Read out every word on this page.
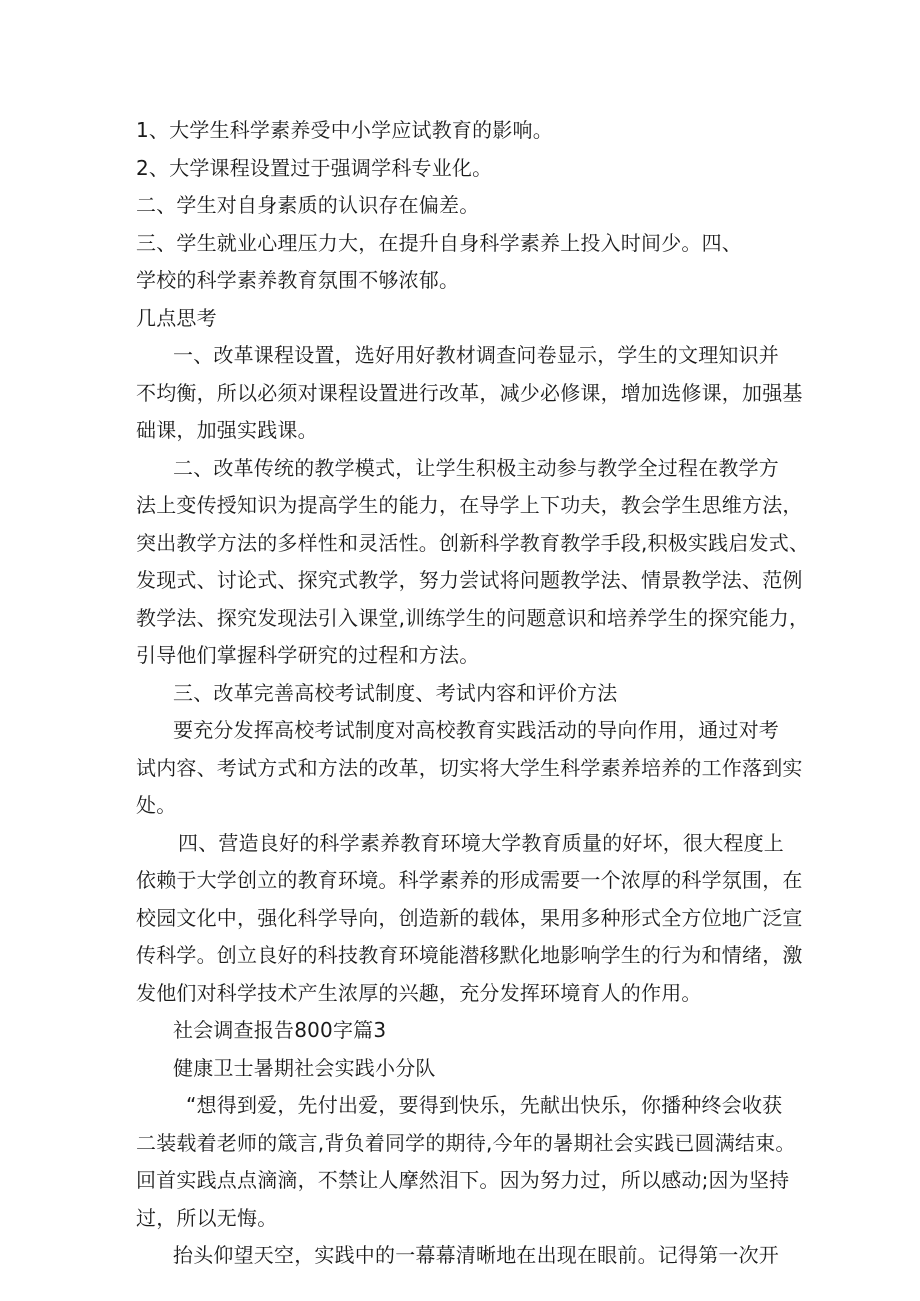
1、大学生科学素养受中小学应试教育的影响。

2、大学课程设置过于强调学科专业化。

二、学生对自身素质的认识存在偏差。

三、学生就业心理压力大，在提升自身科学素养上投入时间少。四、

学校的科学素养教育氛围不够浓郁。

几点思考

一、改革课程设置，选好用好教材调查问卷显示，学生的文理知识并

不均衡，所以必须对课程设置进行改革，减少必修课，增加选修课，加强基

础课，加强实践课。

二、改革传统的教学模式，让学生积极主动参与教学全过程在教学方

法上变传授知识为提高学生的能力，在导学上下功夫，教会学生思维方法，

突出教学方法的多样性和灵活性。创新科学教育教学手段,积极实践启发式、

发现式、讨论式、探究式教学，努力尝试将问题教学法、情景教学法、范例

教学法、探究发现法引入课堂,训练学生的问题意识和培养学生的探究能力，

引导他们掌握科学研究的过程和方法。

三、改革完善高校考试制度、考试内容和评价方法

要充分发挥高校考试制度对高校教育实践活动的导向作用，通过对考

试内容、考试方式和方法的改革，切实将大学生科学素养培养的工作落到实

处。

四、营造良好的科学素养教育环境大学教育质量的好坏，很大程度上

依赖于大学创立的教育环境。科学素养的形成需要一个浓厚的科学氛围，在

校园文化中，强化科学导向，创造新的载体，果用多种形式全方位地广泛宣

传科学。创立良好的科技教育环境能潜移默化地影响学生的行为和情绪，激

发他们对科学技术产生浓厚的兴趣，充分发挥环境育人的作用。

社会调查报告800字篇3

健康卫士暑期社会实践小分队

“想得到爱，先付出爱，要得到快乐，先献出快乐，你播种终会收获

二装载着老师的箴言,背负着同学的期待,今年的暑期社会实践已圆满结束。

回首实践点点滴滴，不禁让人摩然泪下。因为努力过，所以感动;因为坚持

过，所以无悔。

抬头仰望天空，实践中的一幕幕清晰地在出现在眼前。记得第一次开
